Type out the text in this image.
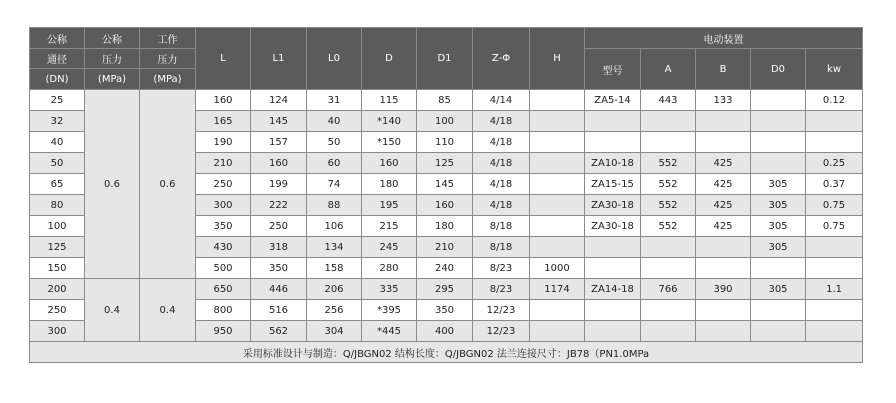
公称	公称	工作	L	L1	L0	D	D1	Z-Φ	H	电动装置				
通径	压力	压力								型号	A	B	D0	kw
(DN)	(MPa)	(MPa)												
25	0.6	0.6	160	124	31	115	85	4/14		ZA5-14	443	133		0.12
32			165	145	40	*140	100	4/18						
40			190	157	50	*150	110	4/18						
50			210	160	60	160	125	4/18		ZA10-18	552	425		0.25
65			250	199	74	180	145	4/18		ZA15-15	552	425	305	0.37
80			300	222	88	195	160	4/18		ZA30-18	552	425	305	0.75
100			350	250	106	215	180	8/18		ZA30-18	552	425	305	0.75
125			430	318	134	245	210	8/18					305	
150			500	350	158	280	240	8/23	1000					
200	0.4	0.4	650	446	206	335	295	8/23	1174	ZA14-18	766	390	305	1.1
250			800	516	256	*395	350	12/23						
300			950	562	304	*445	400	12/23						
采用标准设计与制造：Q/JBGN02 结构长度：Q/JBGN02 法兰连接尺寸：JB78（PN1.0MPa														
